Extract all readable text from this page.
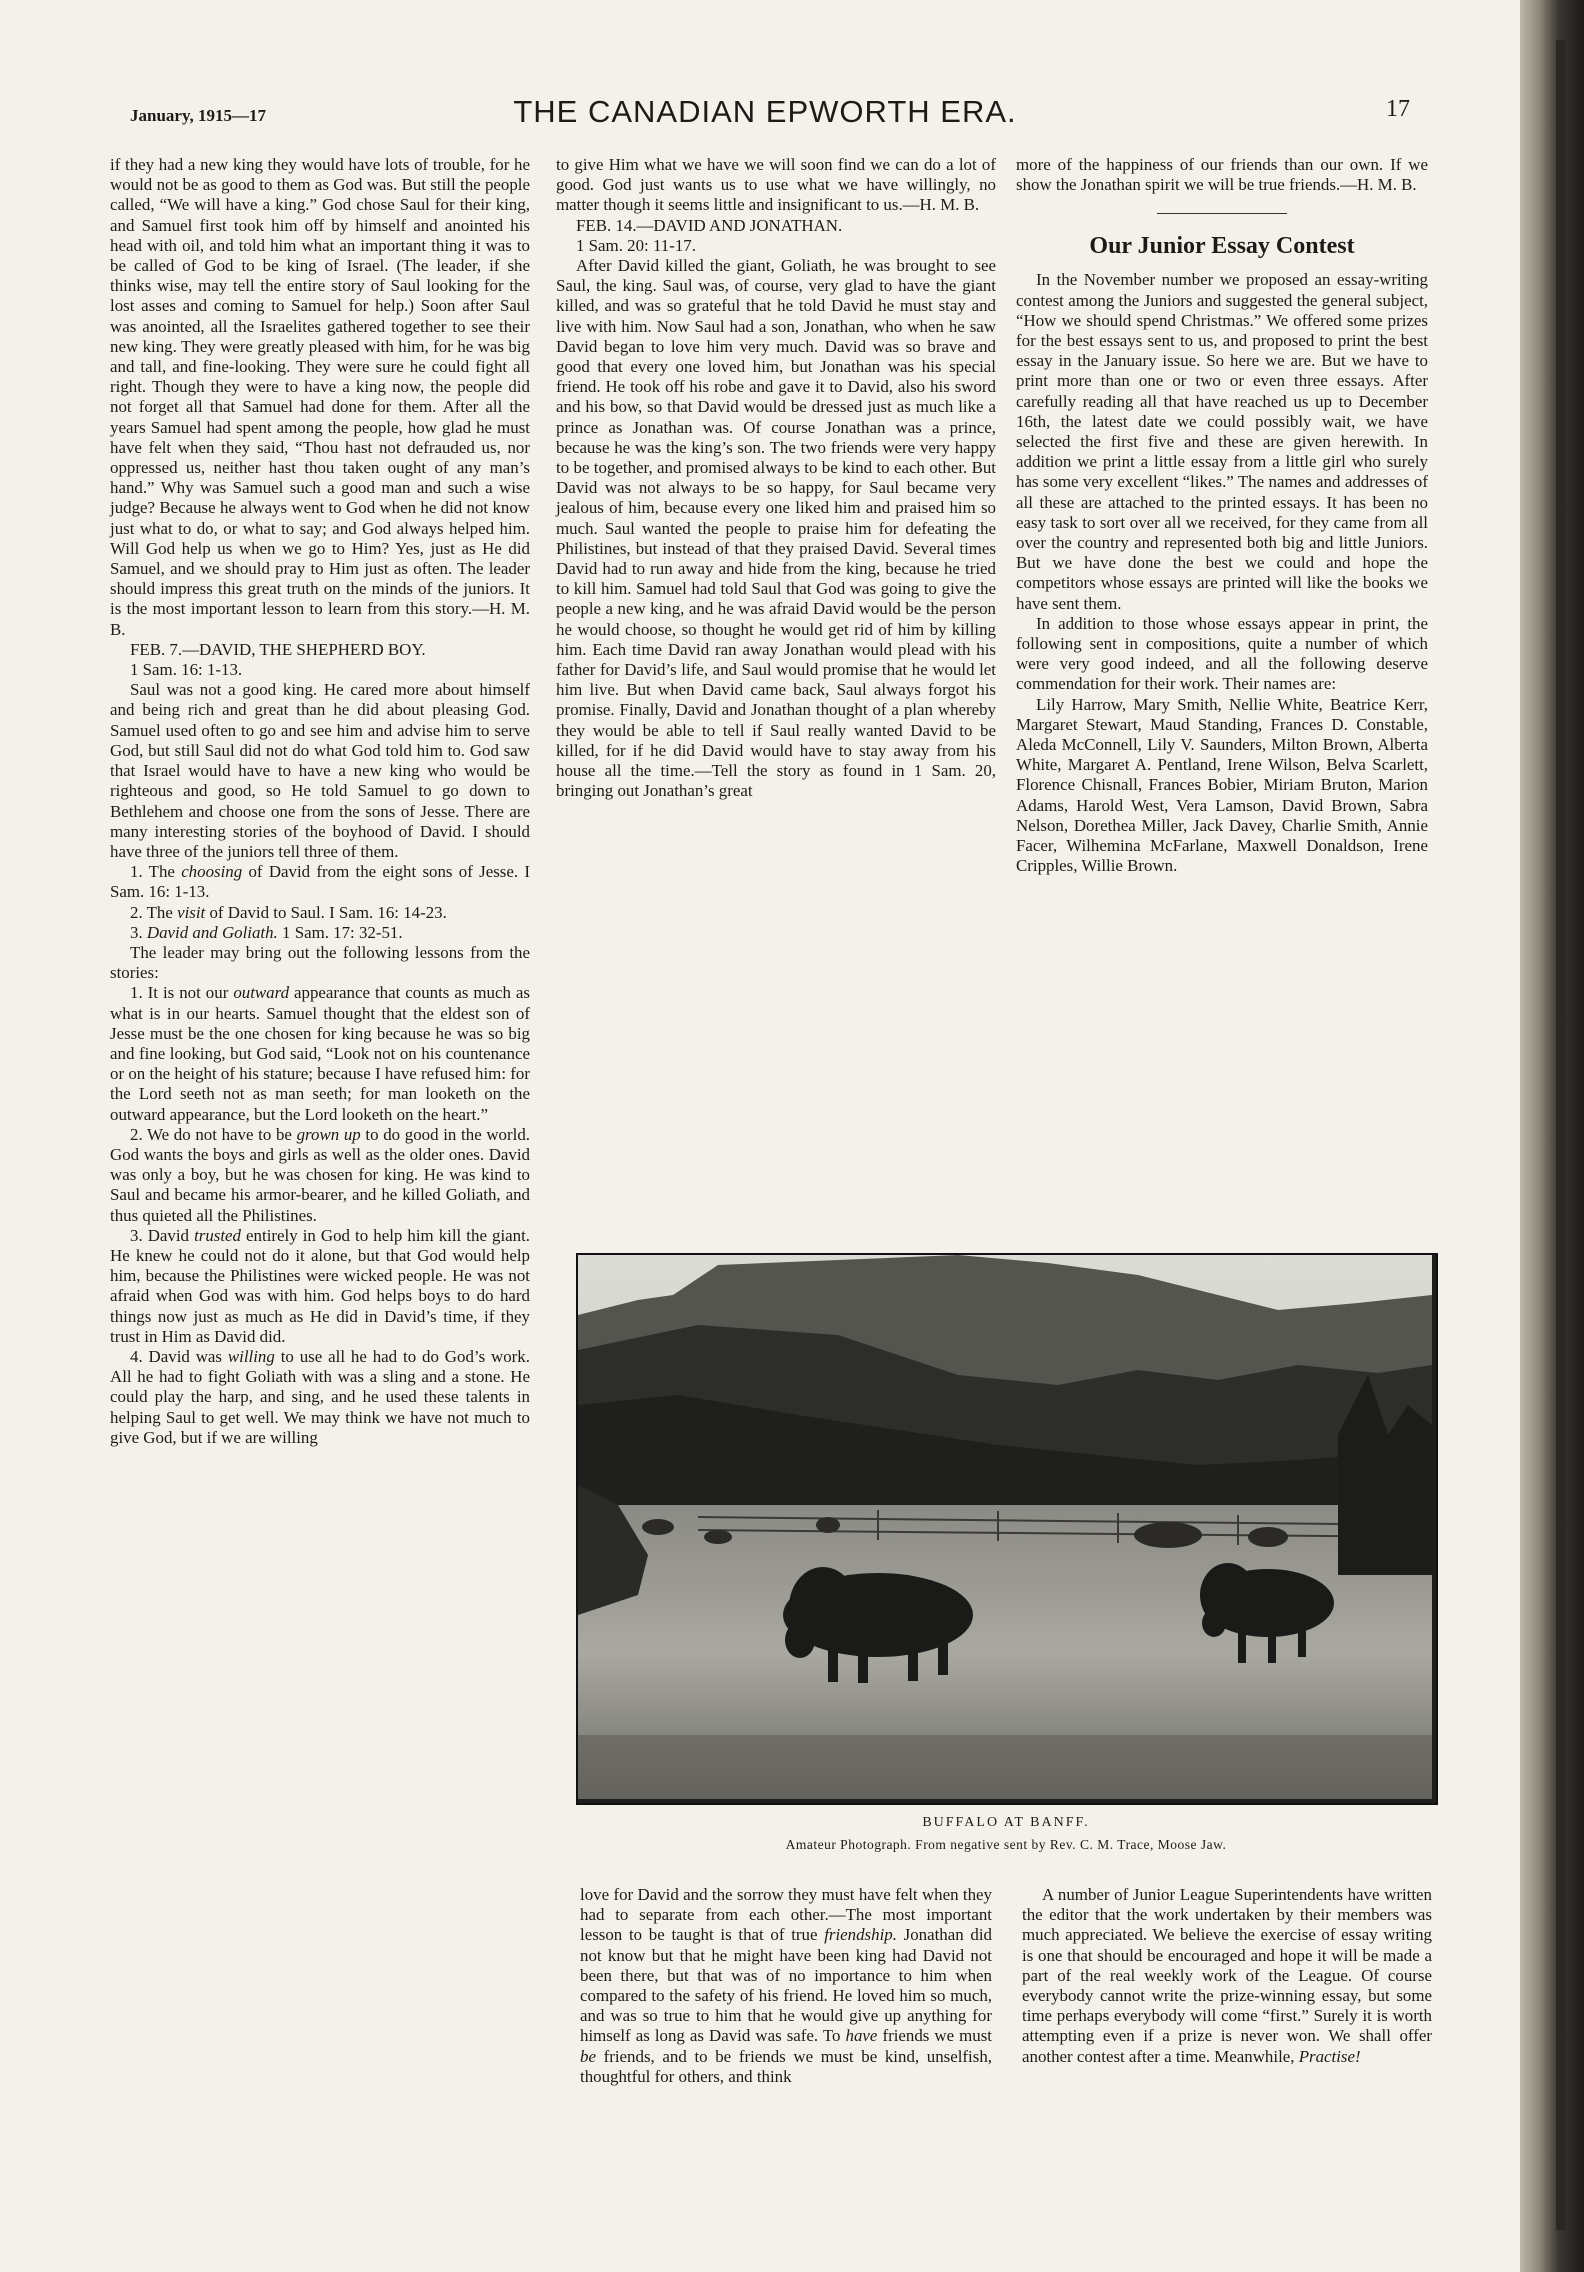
January, 1915—17	THE CANADIAN EPWORTH ERA.	17

if they had a new king they would have lots of trouble, for he would not be as good to them as God was. But still the people called, “We will have a king.” God chose Saul for their king, and Samuel first took him off by himself and anointed his head with oil, and told him what an important thing it was to be called of God to be king of Israel. (The leader, if she thinks wise, may tell the entire story of Saul looking for the lost asses and coming to Samuel for help.) Soon after Saul was anointed, all the Israelites gathered together to see their new king. They were greatly pleased with him, for he was big and tall, and fine-looking. They were sure he could fight all right. Though they were to have a king now, the people did not forget all that Samuel had done for them. After all the years Samuel had spent among the people, how glad he must have felt when they said, “Thou hast not defrauded us, nor oppressed us, neither hast thou taken ought of any man’s hand.” Why was Samuel such a good man and such a wise judge? Because he always went to God when he did not know just what to do, or what to say; and God always helped him. Will God help us when we go to Him? Yes, just as He did Samuel, and we should pray to Him just as often. The leader should impress this great truth on the minds of the juniors. It is the most important lesson to learn from this story.—H. M. B.

FEB. 7.—DAVID, THE SHEPHERD BOY.

1 Sam. 16: 1-13.

Saul was not a good king. He cared more about himself and being rich and great than he did about pleasing God. Samuel used often to go and see him and advise him to serve God, but still Saul did not do what God told him to. God saw that Israel would have to have a new king who would be righteous and good, so He told Samuel to go down to Bethlehem and choose one from the sons of Jesse. There are many interesting stories of the boyhood of David. I should have three of the juniors tell three of them.

1. The choosing of David from the eight sons of Jesse. I Sam. 16: 1-13.

2. The visit of David to Saul. I Sam. 16: 14-23.

3. David and Goliath. 1 Sam. 17: 32-51.

The leader may bring out the following lessons from the stories:

1. It is not our outward appearance that counts as much as what is in our hearts. Samuel thought that the eldest son of Jesse must be the one chosen for king because he was so big and fine looking, but God said, “Look not on his countenance or on the height of his stature; because I have refused him: for the Lord seeth not as man seeth; for man looketh on the outward appearance, but the Lord looketh on the heart.”

2. We do not have to be grown up to do good in the world. God wants the boys and girls as well as the older ones. David was only a boy, but he was chosen for king. He was kind to Saul and became his armor-bearer, and he killed Goliath, and thus quieted all the Philistines.

3. David trusted entirely in God to help him kill the giant. He knew he could not do it alone, but that God would help him, because the Philistines were wicked people. He was not afraid when God was with him. God helps boys to do hard things now just as much as He did in David’s time, if they trust in Him as David did.

4. David was willing to use all he had to do God’s work. All he had to fight Goliath with was a sling and a stone. He could play the harp, and sing, and he used these talents in helping Saul to get well. We may think we have not much to give God, but if we are willing

to give Him what we have we will soon find we can do a lot of good. God just wants us to use what we have willingly, no matter though it seems little and insignificant to us.—H. M. B.

FEB. 14.—DAVID AND JONATHAN.

1 Sam. 20: 11-17.

After David killed the giant, Goliath, he was brought to see Saul, the king. Saul was, of course, very glad to have the giant killed, and was so grateful that he told David he must stay and live with him. Now Saul had a son, Jonathan, who when he saw David began to love him very much. David was so brave and good that every one loved him, but Jonathan was his special friend. He took off his robe and gave it to David, also his sword and his bow, so that David would be dressed just as much like a prince as Jonathan was. Of course Jonathan was a prince, because he was the king’s son. The two friends were very happy to be together, and promised always to be kind to each other. But David was not always to be so happy, for Saul became very jealous of him, because every one liked him and praised him so much. Saul wanted the people to praise him for defeating the Philistines, but instead of that they praised David. Several times David had to run away and hide from the king, because he tried to kill him. Samuel had told Saul that God was going to give the people a new king, and he was afraid David would be the person he would choose, so thought he would get rid of him by killing him. Each time David ran away Jonathan would plead with his father for David’s life, and Saul would promise that he would let him live. But when David came back, Saul always forgot his promise. Finally, David and Jonathan thought of a plan whereby they would be able to tell if Saul really wanted David to be killed, for if he did David would have to stay away from his house all the time.—Tell the story as found in 1 Sam. 20, bringing out Jonathan’s great

more of the happiness of our friends than our own. If we show the Jonathan spirit we will be true friends.—H. M. B.

Our Junior Essay Contest

In the November number we proposed an essay-writing contest among the Juniors and suggested the general subject, “How we should spend Christmas.” We offered some prizes for the best essays sent to us, and proposed to print the best essay in the January issue. So here we are. But we have to print more than one or two or even three essays. After carefully reading all that have reached us up to December 16th, the latest date we could possibly wait, we have selected the first five and these are given herewith. In addition we print a little essay from a little girl who surely has some very excellent “likes.” The names and addresses of all these are attached to the printed essays. It has been no easy task to sort over all we received, for they came from all over the country and represented both big and little Juniors. But we have done the best we could and hope the competitors whose essays are printed will like the books we have sent them.

In addition to those whose essays appear in print, the following sent in compositions, quite a number of which were very good indeed, and all the following deserve commendation for their work. Their names are:

Lily Harrow, Mary Smith, Nellie White, Beatrice Kerr, Margaret Stewart, Maud Standing, Frances D. Constable, Aleda McConnell, Lily V. Saunders, Milton Brown, Alberta White, Margaret A. Pentland, Irene Wilson, Belva Scarlett, Florence Chisnall, Frances Bobier, Miriam Bruton, Marion Adams, Harold West, Vera Lamson, David Brown, Sabra Nelson, Dorethea Miller, Jack Davey, Charlie Smith, Annie Facer, Wilhemina McFarlane, Maxwell Donaldson, Irene Cripples, Willie Brown.

BUFFALO AT BANFF.
Amateur Photograph. From negative sent by Rev. C. M. Trace, Moose Jaw.

love for David and the sorrow they must have felt when they had to separate from each other.—The most important lesson to be taught is that of true friendship. Jonathan did not know but that he might have been king had David not been there, but that was of no importance to him when compared to the safety of his friend. He loved him so much, and was so true to him that he would give up anything for himself as long as David was safe. To have friends we must be friends, and to be friends we must be kind, unselfish, thoughtful for others, and think

A number of Junior League Superintendents have written the editor that the work undertaken by their members was much appreciated. We believe the exercise of essay writing is one that should be encouraged and hope it will be made a part of the real weekly work of the League. Of course everybody cannot write the prize-winning essay, but some time perhaps everybody will come “first.” Surely it is worth attempting even if a prize is never won. We shall offer another contest after a time. Meanwhile, Practise!
